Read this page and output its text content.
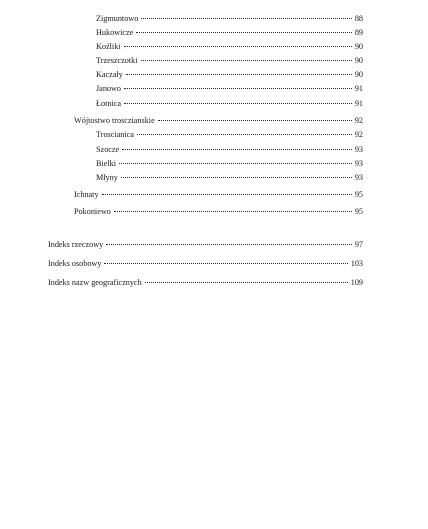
Zigmuntowo	88
Hukowicze	89
Koźliki	90
Trzeszczotki	90
Kaczały	90
Janowo	91
Łotnica	91
Wójtostwo trosczianskie	92
Troscianica	92
Szocze	93
Bielki	93
Młyny	93
Ichnaty	95
Pokoniewo	95
Indeks rzeczowy	97
Indeks osobowy	103
Indeks nazw geograficznych	109
